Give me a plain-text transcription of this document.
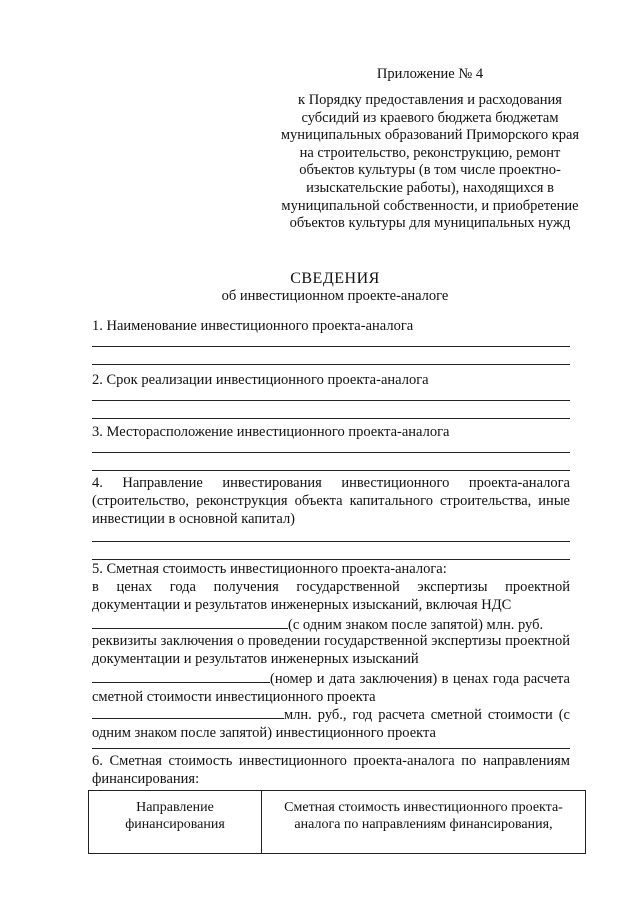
Приложение № 4
к Порядку предоставления и расходования субсидий из краевого бюджета бюджетам муниципальных образований Приморского края на строительство, реконструкцию, ремонт объектов культуры (в том числе проектно-изыскательские работы), находящихся в муниципальной собственности, и приобретение объектов культуры для муниципальных нужд
СВЕДЕНИЯ
об инвестиционном проекте-аналоге
1. Наименование инвестиционного проекта-аналога
2. Срок реализации инвестиционного проекта-аналога
3. Месторасположение инвестиционного проекта-аналога
4. Направление инвестирования инвестиционного проекта-аналога (строительство, реконструкция объекта капитального строительства, иные инвестиции в основной капитал)
5. Сметная стоимость инвестиционного проекта-аналога:
в ценах года получения государственной экспертизы проектной документации и результатов инженерных изысканий, включая НДС
(с одним знаком после запятой) млн. руб.
реквизиты заключения о проведении государственной экспертизы проектной документации и результатов инженерных изысканий
(номер и дата заключения) в ценах года расчета сметной стоимости инвестиционного проекта
млн. руб., год расчета сметной стоимости (с одним знаком после запятой) инвестиционного проекта
6. Сметная стоимость инвестиционного проекта-аналога по направлениям финансирования:
Направление финансирования	Сметная стоимость инвестиционного проекта-аналога по направлениям финансирования,
